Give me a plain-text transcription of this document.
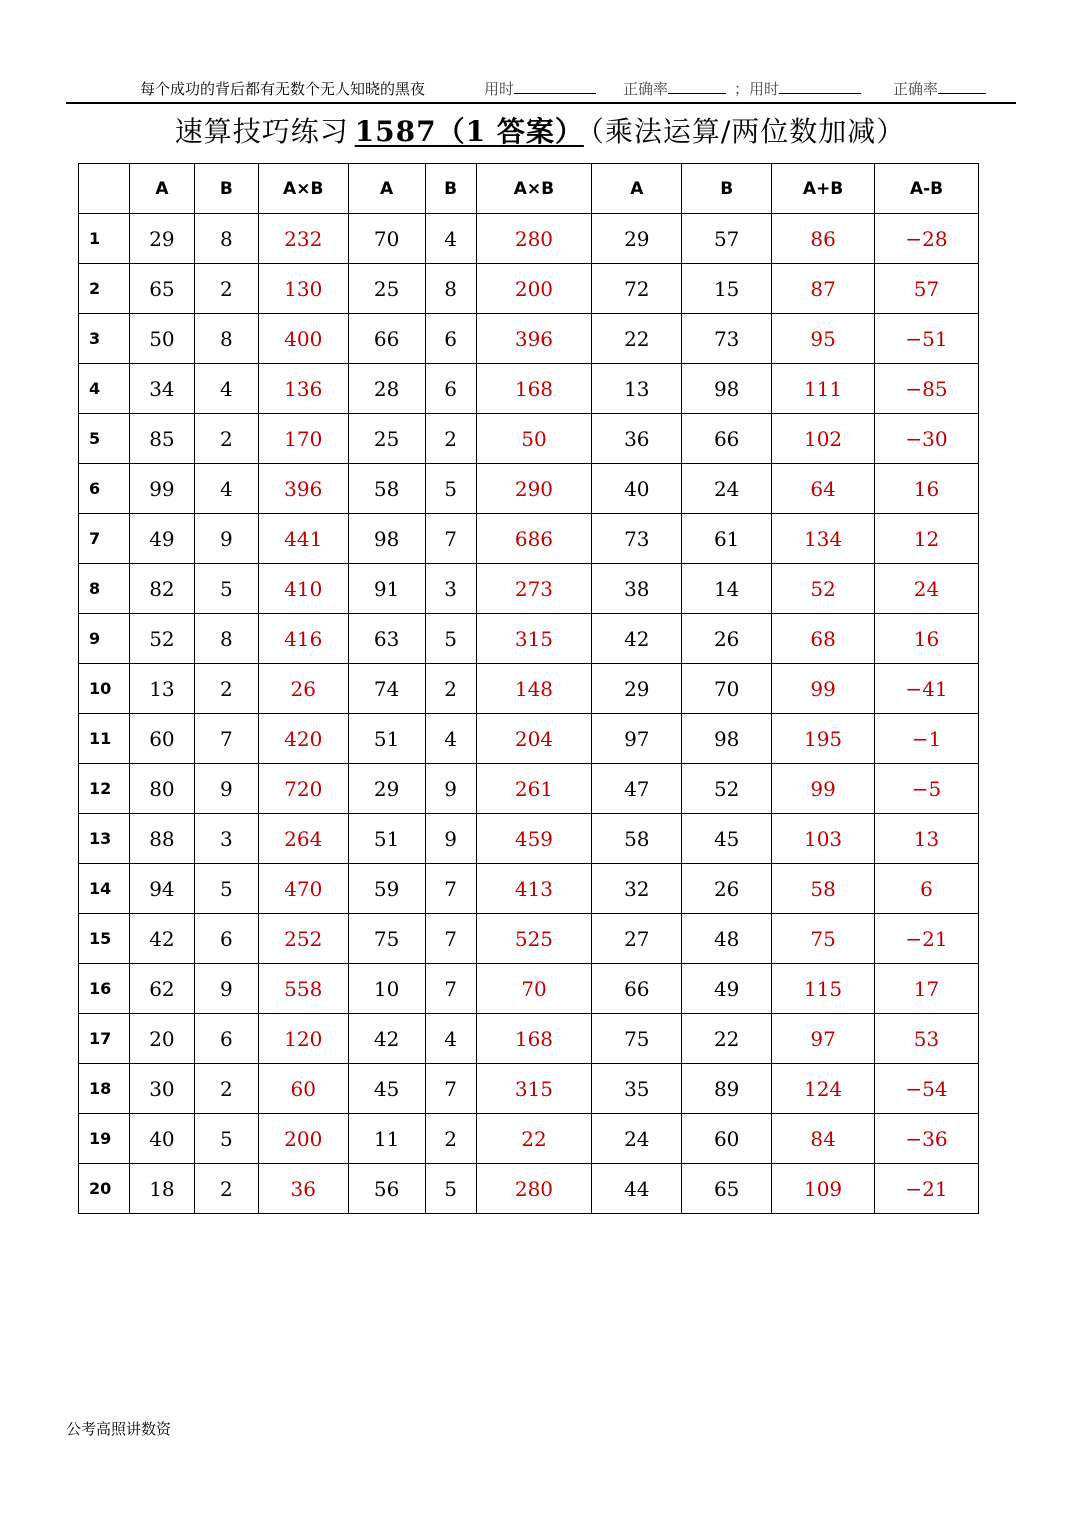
每个成功的背后都有无数个无人知晓的黑夜	用时	正确率	；用时	正确率
速算技巧练习 1587（1 答案） （乘法运算/两位数加减）
	A	B	A×B	A	B	A×B	A	B	A+B	A-B
1	29	8	232	70	4	280	29	57	86	−28
2	65	2	130	25	8	200	72	15	87	57
3	50	8	400	66	6	396	22	73	95	−51
4	34	4	136	28	6	168	13	98	111	−85
5	85	2	170	25	2	50	36	66	102	−30
6	99	4	396	58	5	290	40	24	64	16
7	49	9	441	98	7	686	73	61	134	12
8	82	5	410	91	3	273	38	14	52	24
9	52	8	416	63	5	315	42	26	68	16
10	13	2	26	74	2	148	29	70	99	−41
11	60	7	420	51	4	204	97	98	195	−1
12	80	9	720	29	9	261	47	52	99	−5
13	88	3	264	51	9	459	58	45	103	13
14	94	5	470	59	7	413	32	26	58	6
15	42	6	252	75	7	525	27	48	75	−21
16	62	9	558	10	7	70	66	49	115	17
17	20	6	120	42	4	168	75	22	97	53
18	30	2	60	45	7	315	35	89	124	−54
19	40	5	200	11	2	22	24	60	84	−36
20	18	2	36	56	5	280	44	65	109	−21
公考高照讲数资
